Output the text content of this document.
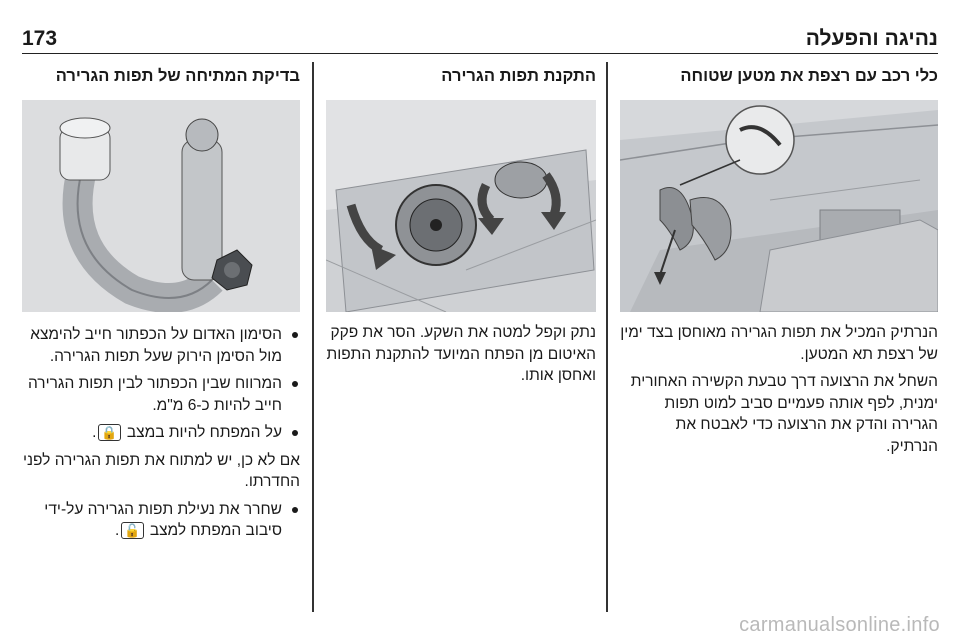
נהיגה והפעלה
173
כלי רכב עם רצפת את מטען שטוחה

הנרתיק המכיל את תפות הגרירה מאוחסן בצד ימין של רצפת תא המטען.

השחל את הרצועה דרך טבעת הקשירה האחורית ימנית, לפף אותה פעמיים סביב למוט תפות הגרירה והדק את הרצועה כדי לאבטח את הנרתיק.

התקנת תפות הגרירה

נתק וקפל למטה את השקע. הסר את פקק האיטום מן הפתח המיועד להתקנת התפות ואחסן אותו.

בדיקת המתיחה של תפות הגרירה
הסימון האדום על הכפתור חייב להימצא מול הסימן הירוק שעל תפות הגרירה.
המרווח שבין הכפתור לבין תפות הגרירה חייב להיות כ-6 מ"מ.
על המפתח להיות במצב 🔒.

אם לא כן, יש למתוח את תפות הגרירה לפני החדרתו.

שחרר את נעילת תפות הגרירה על-ידי סיבוב המפתח למצב 🔓.
carmanualsonline.info
